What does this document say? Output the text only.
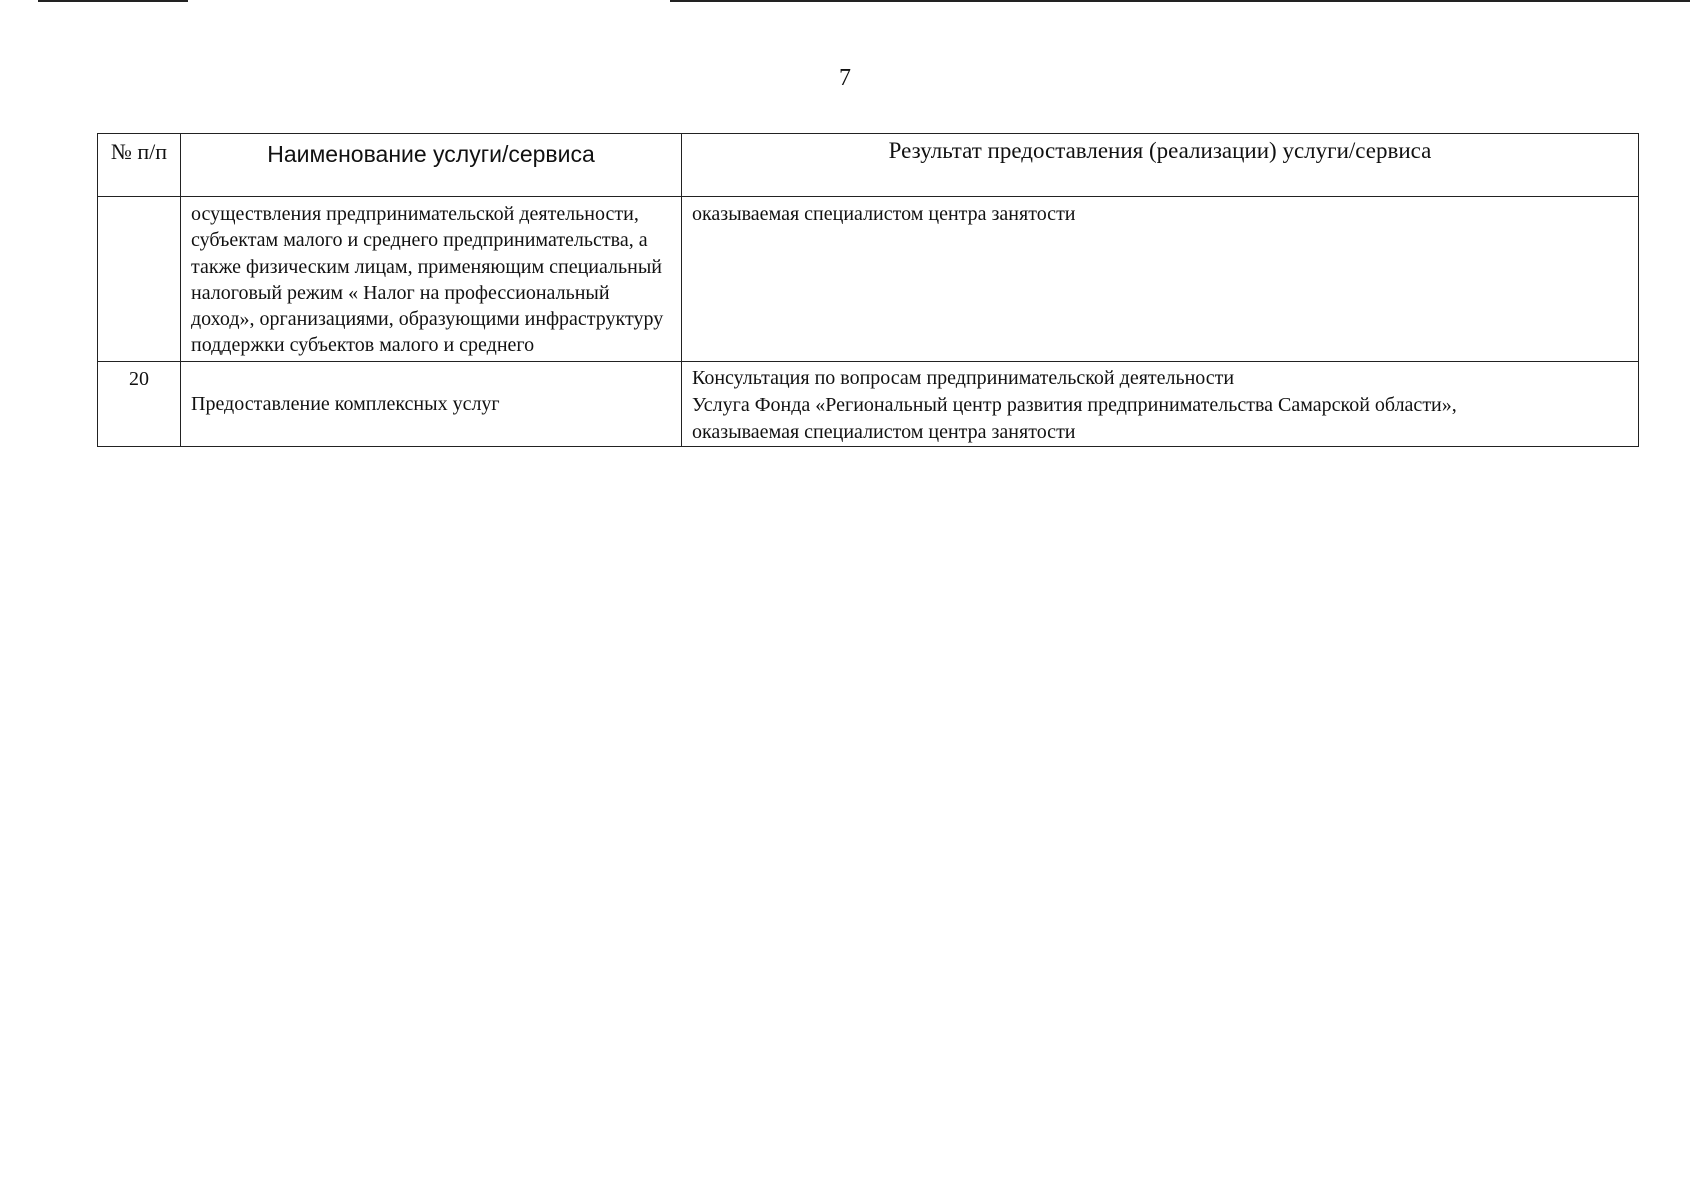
7
№ п/п	Наименование услуги/сервиса	Результат предоставления (реализации) услуги/сервиса

	осуществления предпринимательской деятельности, субъектам малого и среднего предпринимательства, а также физическим лицам, применяющим специальный налоговый режим « Налог на профессиональный доход», организациями, образующими инфраструктуру поддержки субъектов малого и среднего	оказываемая специалистом центра занятости

20	Предоставление комплексных услуг	Консультация по вопросам предпринимательской деятельности
Услуга Фонда «Региональный центр развития предпринимательства Самарской области»,
оказываемая специалистом центра занятости
